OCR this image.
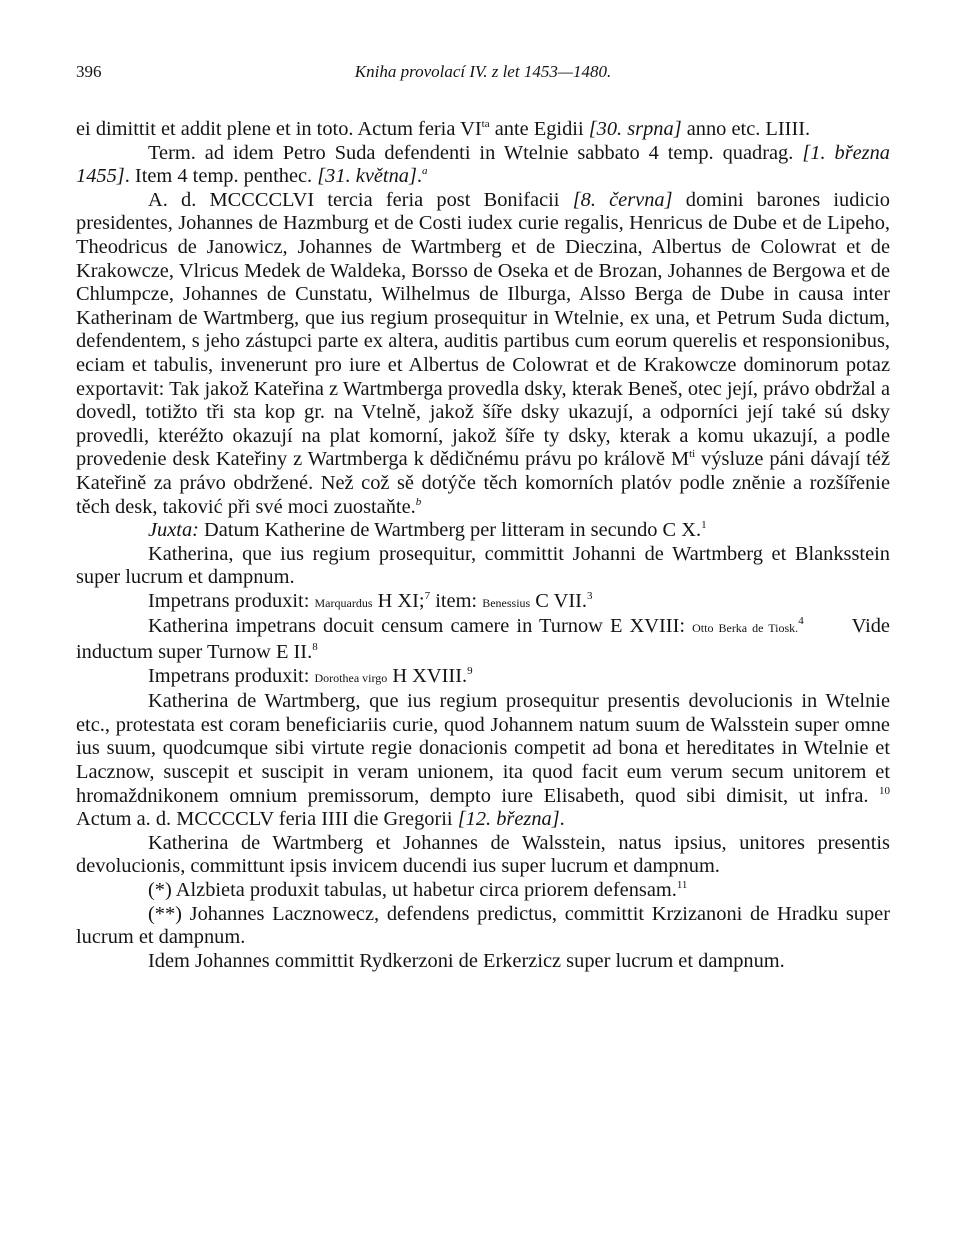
396	Kniha provolací IV. z let 1453—1480.

ei dimittit et addit plene et in toto. Actum feria $VI^{ta}$ ante Egidii [30. srpna] anno etc. LIIII.

Term. ad idem Petro Suda defendenti in Wtelnie sabbato 4 temp. quadrag. [1. března 1455]. Item 4 temp. penthec. [31. května].$^a$

A. d. MCCCCLVI tercia feria post Bonifacii [8. června] domini barones iudicio presidentes, Johannes de Hazmburg et de Costi iudex curie regalis, Henricus de Dube et de Lipeho, Theodricus de Janowicz, Johannes de Wartmberg et de Dieczina, Albertus de Colowrat et de Krakowcze, Vlricus Medek de Waldeka, Borsso de Oseka et de Brozan, Johannes de Bergowa et de Chlumpcze, Johannes de Cunstatu, Wilhelmus de Ilburga, Alsso Berga de Dube in causa inter Katherinam de Wartmberg, que ius regium prosequitur in Wtelnie, ex una, et Petrum Suda dictum, defendentem, s jeho zástupci parte ex altera, auditis partibus cum eorum querelis et responsionibus, eciam et tabulis, invenerunt pro iure et Albertus de Colowrat et de Krakowcze dominorum potaz exportavit: Tak jakož Kateřina z Wartmberga provedla dsky, kterak Beneš, otec její, právo obdržal a dovedl, totižto tři sta kop gr. na Vtelně, jakož šíře dsky ukazují, a odporníci její také sú dsky provedli, kteréžto okazují na plat komorní, jakož šíře ty dsky, kterak a komu ukazují, a podle provedenie desk Kateřiny z Wartmberga k dědičnému právu po královĕ $M^{ti}$ výsluze páni dávají též Kateřině za právo obdržené. Než což sě dotýče těch komorních platóv podle znĕnie a rozšířenie těch desk, taković při své moci zuostaňte.$^b$

Juxta: Datum Katherine de Wartmberg per litteram in secundo C X.$^1$

Katherina, que ius regium prosequitur, committit Johanni de Wartmberg et Blanksstein super lucrum et dampnum.

Impetrans produxit: Marquardus H XI;$^7$ item: Benessius C VII.$^3$

Katherina impetrans docuit censum camere in Turnow E XVIII: Otto Berka de Tiosk.$^4$   Vide inductum super Turnow E II.$^8$

Impetrans produxit: Dorothea virgo H XVIII.$^9$

Katherina de Wartmberg, que ius regium prosequitur presentis devolucionis in Wtelnie etc., protestata est coram beneficiariis curie, quod Johannem natum suum de Walsstein super omne ius suum, quodcumque sibi virtute regie donacionis competit ad bona et hereditates in Wtelnie et Lacznow, suscepit et suscipit in veram unionem, ita quod facit eum verum secum unitorem et hromaždnikonem omnium premissorum, dempto iure Elisabeth, quod sibi dimisit, ut infra. $^{10}$ Actum a. d. MCCCCLV feria IIII die Gregorii [12. března].

Katherina de Wartmberg et Johannes de Walsstein, natus ipsius, unitores presentis devolucionis, committunt ipsis invicem ducendi ius super lucrum et dampnum.

(*) Alzbieta produxit tabulas, ut habetur circa priorem defensam.$^{11}$

(**) Johannes Lacznowecz, defendens predictus, committit Krzizanoni de Hradku super lucrum et dampnum.

Idem Johannes committit Rydkerzoni de Erkerzicz super lucrum et dampnum.
